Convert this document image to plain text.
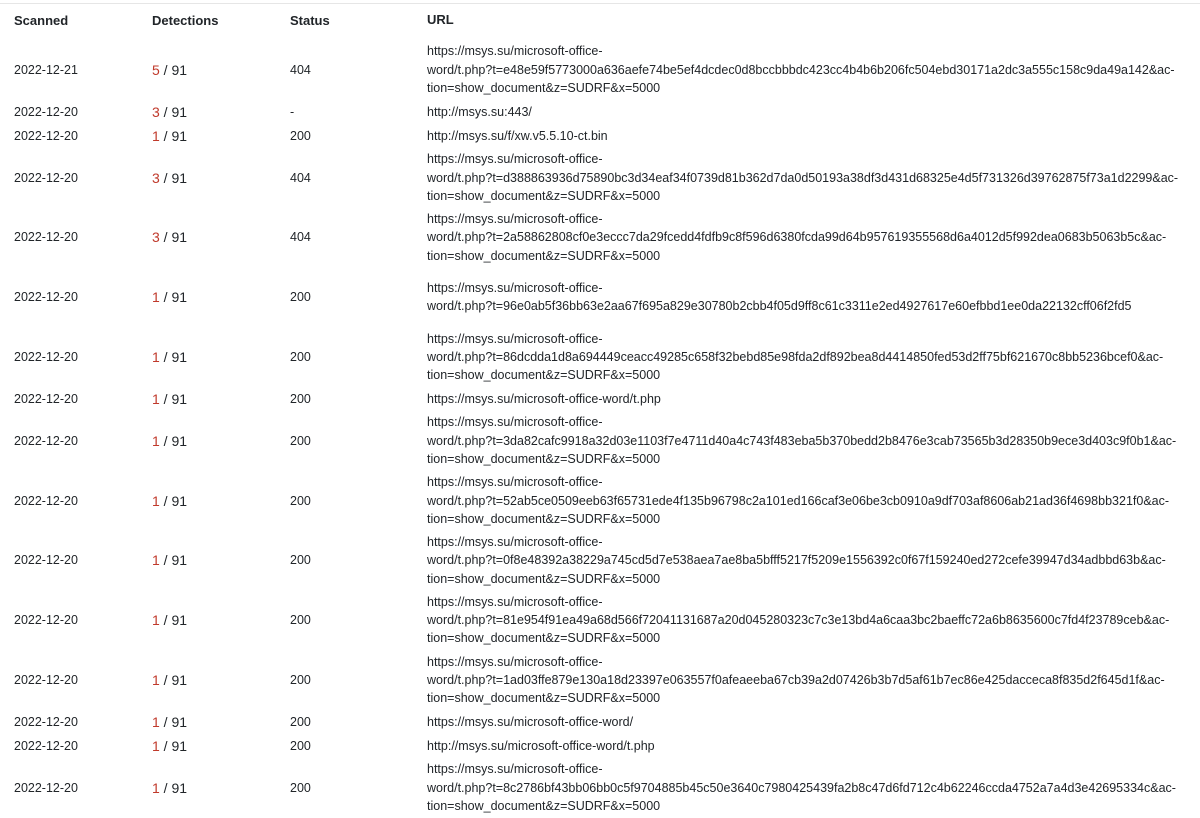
Scanned	Detections	Status	URL
2022-12-21	5 / 91	404
https://msys.su/microsoft-office-
word/t.php?t=e48e59f5773000a636aefe74be5ef4dcdec0d8bccbbbdc423cc4b4b6b206fc504ebd30171a2dc3a555c158c9da49a142&ac-
tion=show_document&z=SUDRF&x=5000
2022-12-20	3 / 91	-	http://msys.su:443/
2022-12-20	1 / 91	200	http://msys.su/f/xw.v5.5.10-ct.bin
2022-12-20	3 / 91	404
https://msys.su/microsoft-office-
word/t.php?t=d388863936d75890bc3d34eaf34f0739d81b362d7da0d50193a38df3d431d68325e4d5f731326d39762875f73a1d2299&ac-
tion=show_document&z=SUDRF&x=5000
2022-12-20	3 / 91	404
https://msys.su/microsoft-office-
word/t.php?t=2a58862808cf0e3eccc7da29fcedd4fdfb9c8f596d6380fcda99d64b957619355568d6a4012d5f992dea0683b5063b5c&ac-
tion=show_document&z=SUDRF&x=5000
2022-12-20	1 / 91	200
https://msys.su/microsoft-office-
word/t.php?t=96e0ab5f36bb63e2aa67f695a829e30780b2cbb4f05d9ff8c61c3311e2ed4927617e60efbbd1ee0da22132cff06f2fd5
2022-12-20	1 / 91	200
https://msys.su/microsoft-office-
word/t.php?t=86dcdda1d8a694449ceacc49285c658f32bebd85e98fda2df892bea8d4414850fed53d2ff75bf621670c8bb5236bcef0&ac-
tion=show_document&z=SUDRF&x=5000
2022-12-20	1 / 91	200	https://msys.su/microsoft-office-word/t.php
2022-12-20	1 / 91	200
https://msys.su/microsoft-office-
word/t.php?t=3da82cafc9918a32d03e1103f7e4711d40a4c743f483eba5b370bedd2b8476e3cab73565b3d28350b9ece3d403c9f0b1&ac-
tion=show_document&z=SUDRF&x=5000
2022-12-20	1 / 91	200
https://msys.su/microsoft-office-
word/t.php?t=52ab5ce0509eeb63f65731ede4f135b96798c2a101ed166caf3e06be3cb0910a9df703af8606ab21ad36f4698bb321f0&ac-
tion=show_document&z=SUDRF&x=5000
2022-12-20	1 / 91	200
https://msys.su/microsoft-office-
word/t.php?t=0f8e48392a38229a745cd5d7e538aea7ae8ba5bfff5217f5209e1556392c0f67f159240ed272cefe39947d34adbbd63b&ac-
tion=show_document&z=SUDRF&x=5000
2022-12-20	1 / 91	200
https://msys.su/microsoft-office-
word/t.php?t=81e954f91ea49a68d566f72041131687a20d045280323c7c3e13bd4a6caa3bc2baeffc72a6b8635600c7fd4f23789ceb&ac-
tion=show_document&z=SUDRF&x=5000
2022-12-20	1 / 91	200
https://msys.su/microsoft-office-
word/t.php?t=1ad03ffe879e130a18d23397e063557f0afeaeeba67cb39a2d07426b3b7d5af61b7ec86e425dacceca8f835d2f645d1f&ac-
tion=show_document&z=SUDRF&x=5000
2022-12-20	1 / 91	200	https://msys.su/microsoft-office-word/
2022-12-20	1 / 91	200	http://msys.su/microsoft-office-word/t.php
2022-12-20	1 / 91	200
https://msys.su/microsoft-office-
word/t.php?t=8c2786bf43bb06bb0c5f9704885b45c50e3640c7980425439fa2b8c47d6fd712c4b62246ccda4752a7a4d3e42695334c&ac-
tion=show_document&z=SUDRF&x=5000
